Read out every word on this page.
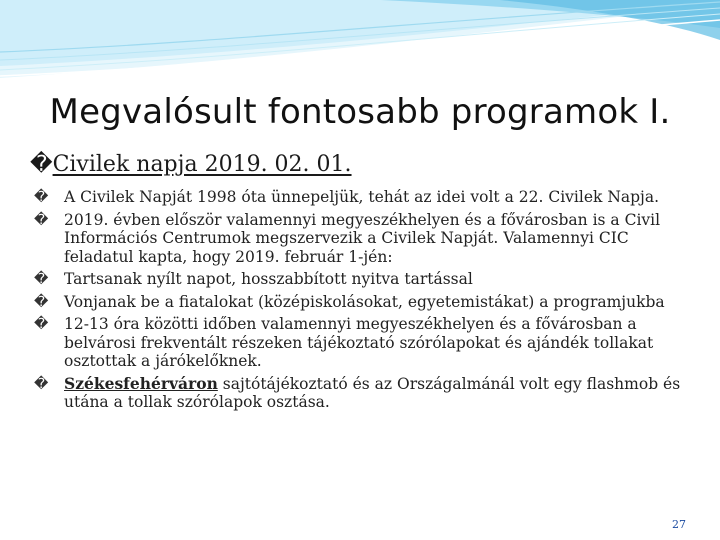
Megvalósult fontosabb programok I.
�Civilek napja 2019. 02. 01.
� A Civilek Napját 1998 óta ünnepeljük, tehát az idei volt a 22. Civilek Napja.
� 2019. évben először valamennyi megyeszékhelyen és a fővárosban is a Civil Információs Centrumok megszervezik a Civilek Napját. Valamennyi CIC feladatul kapta, hogy 2019. február 1-jén:
� Tartsanak nyílt napot, hosszabbított nyitva tartással
� Vonjanak be a fiatalokat (középiskolásokat, egyetemistákat) a programjukba
� 12-13 óra közötti időben valamennyi megyeszékhelyen és a fővárosban a belvárosi frekventált részeken tájékoztató szórólapokat és ajándék tollakat osztottak a járókelőknek.
� Székesfehérváron sajtótájékoztató és az Országalmánál volt egy flashmob és utána a tollak szórólapok osztása.
27
